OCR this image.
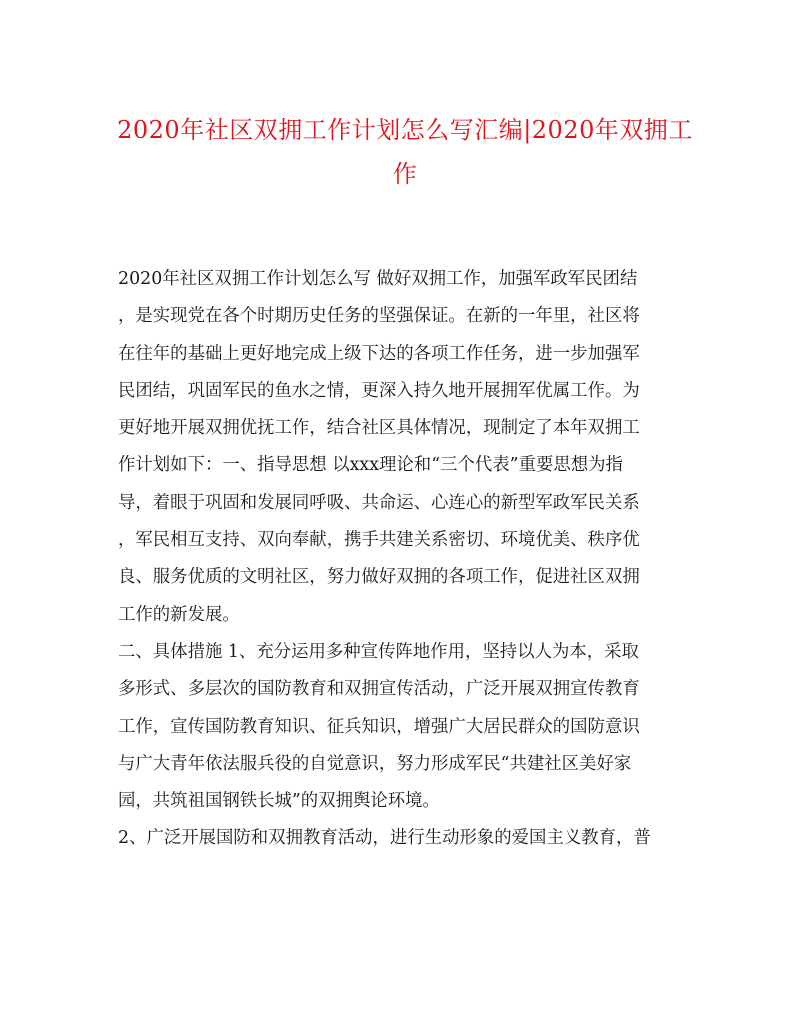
2020年社区双拥工作计划怎么写汇编|2020年双拥工
作
2020年社区双拥工作计划怎么写 做好双拥工作，加强军政军民团结
，是实现党在各个时期历史任务的坚强保证。在新的一年里，社区将
在往年的基础上更好地完成上级下达的各项工作任务，进一步加强军
民团结，巩固军民的鱼水之情，更深入持久地开展拥军优属工作。为
更好地开展双拥优抚工作，结合社区具体情况，现制定了本年双拥工
作计划如下：一、指导思想 以xxx理论和“三个代表”重要思想为指
导，着眼于巩固和发展同呼吸、共命运、心连心的新型军政军民关系
，军民相互支持、双向奉献，携手共建关系密切、环境优美、秩序优
良、服务优质的文明社区，努力做好双拥的各项工作，促进社区双拥
工作的新发展。
二、具体措施 1、充分运用多种宣传阵地作用，坚持以人为本，采取
多形式、多层次的国防教育和双拥宣传活动，广泛开展双拥宣传教育
工作，宣传国防教育知识、征兵知识，增强广大居民群众的国防意识
与广大青年依法服兵役的自觉意识，努力形成军民“共建社区美好家
园，共筑祖国钢铁长城”的双拥舆论环境。
2、广泛开展国防和双拥教育活动，进行生动形象的爱国主义教育，普
